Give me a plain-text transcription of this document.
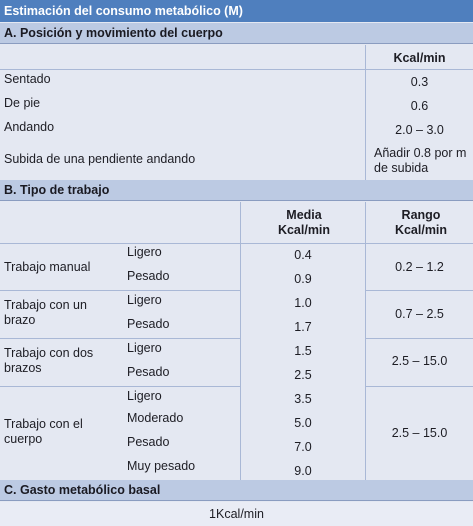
Estimación del consumo metabólico (M)
A. Posición y movimiento del cuerpo
Kcal/min
Sentado	0.3
De pie	0.6
Andando	2.0 – 3.0
Subida de una pendiente andando	Añadir 0.8 por m de subida
B. Tipo de trabajo
Media Kcal/min
Rango Kcal/min
Trabajo manual
Ligero	0.4
Pesado	0.9
0.2 – 1.2
Trabajo con un brazo
Ligero	1.0
Pesado	1.7
0.7 – 2.5
Trabajo con dos brazos
Ligero	1.5
Pesado	2.5
2.5 – 15.0
Trabajo con el cuerpo
Ligero	3.5
Moderado	5.0
Pesado	7.0
Muy pesado	9.0
2.5 – 15.0
C. Gasto metabólico basal
1Kcal/min
